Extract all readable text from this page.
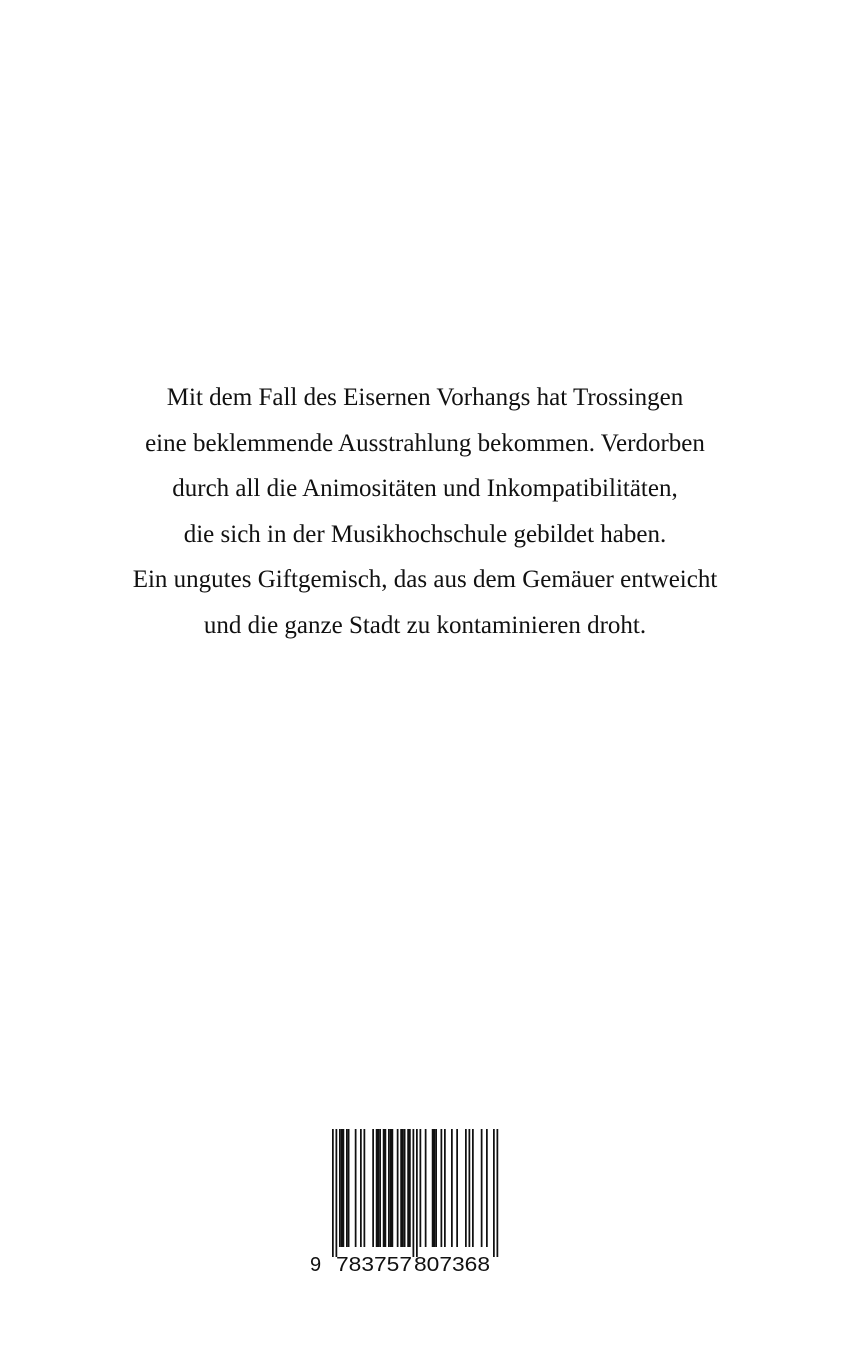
Mit dem Fall des Eisernen Vorhangs hat Trossingen
eine beklemmende Ausstrahlung bekommen. Verdorben
durch all die Animositäten und Inkompatibilitäten,
die sich in der Musikhochschule gebildet haben.
Ein ungutes Giftgemisch, das aus dem Gemäuer entweicht
und die ganze Stadt zu kontaminieren droht.
9 783757 807368
